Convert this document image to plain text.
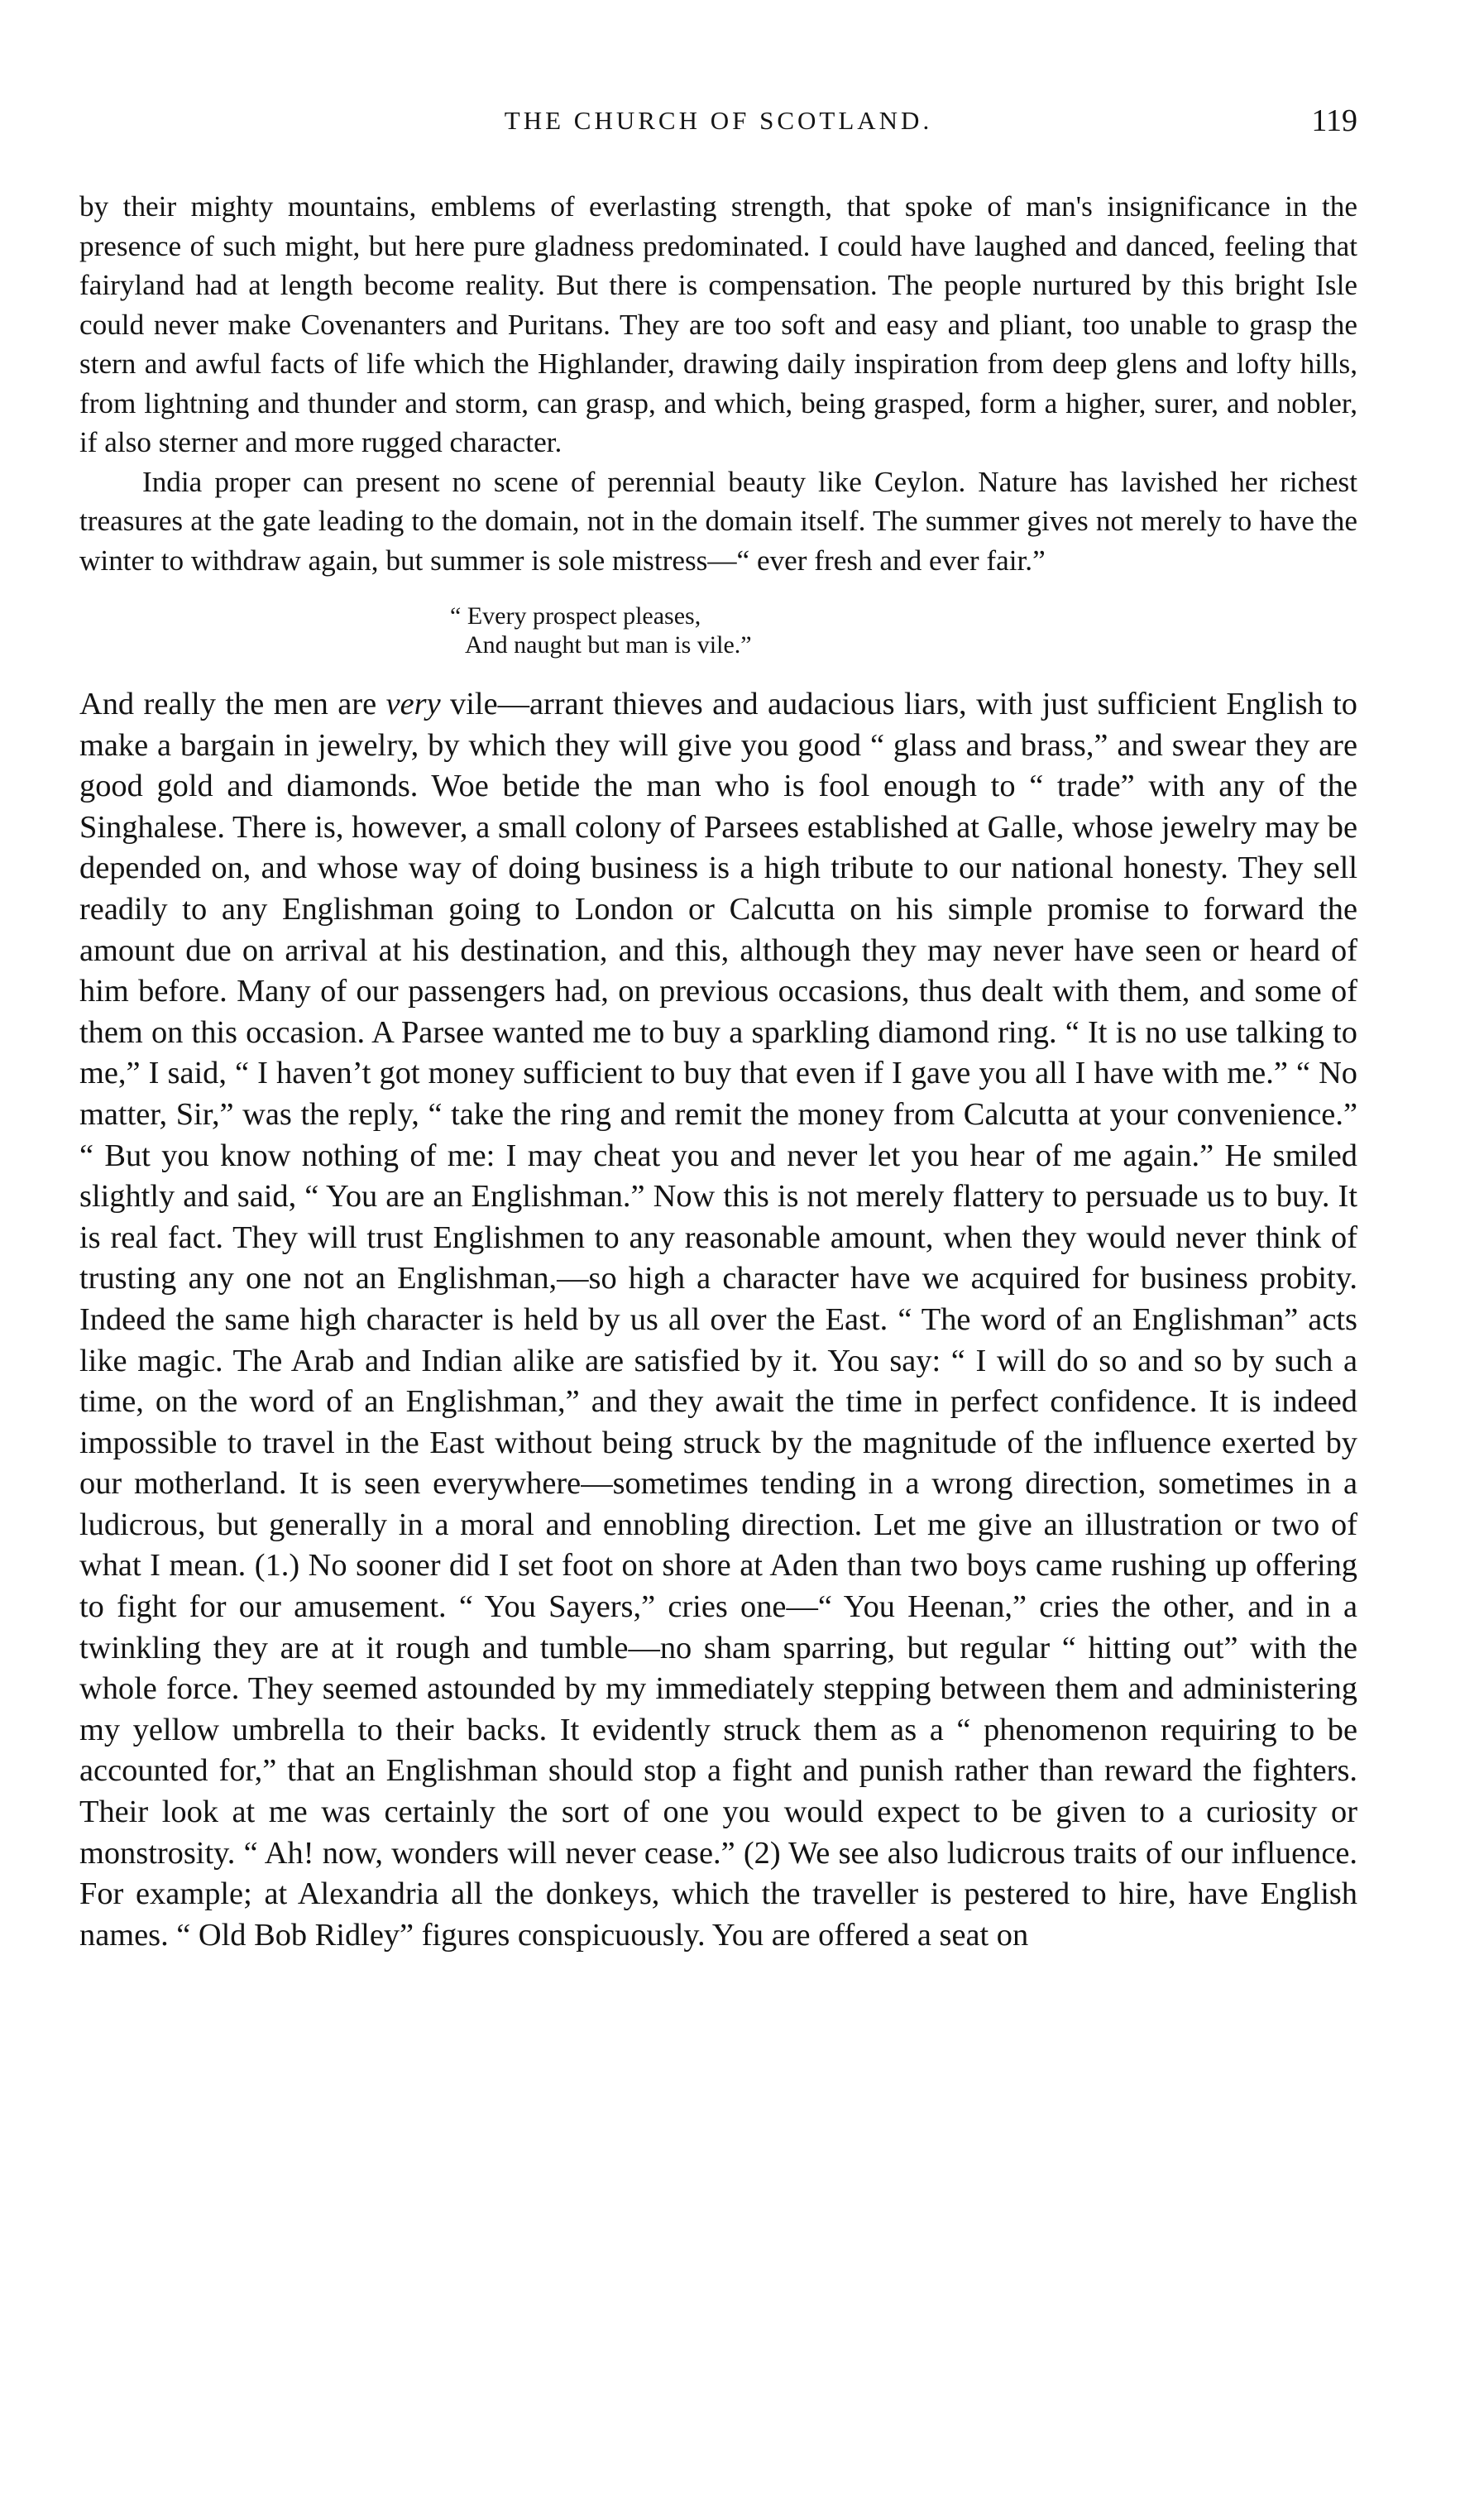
THE CHURCH OF SCOTLAND.	119

by their mighty mountains, emblems of everlasting strength, that spoke of man's insignificance in the presence of such might, but here pure gladness predominated. I could have laughed and danced, feeling that fairyland had at length become reality. But there is compensation. The people nurtured by this bright Isle could never make Covenanters and Puritans. They are too soft and easy and pliant, too unable to grasp the stern and awful facts of life which the Highlander, drawing daily inspiration from deep glens and lofty hills, from lightning and thunder and storm, can grasp, and which, being grasped, form a higher, surer, and nobler, if also sterner and more rugged character.

India proper can present no scene of perennial beauty like Ceylon. Nature has lavished her richest treasures at the gate leading to the domain, not in the domain itself. The summer gives not merely to have the winter to withdraw again, but summer is sole mistress—“ ever fresh and ever fair.”

“ Every prospect pleases,
And naught but man is vile.”

And really the men are very vile—arrant thieves and audacious liars, with just sufficient English to make a bargain in jewelry, by which they will give you good “ glass and brass,” and swear they are good gold and diamonds. Woe betide the man who is fool enough to “ trade” with any of the Singhalese. There is, however, a small colony of Parsees established at Galle, whose jewelry may be depended on, and whose way of doing business is a high tribute to our national honesty. They sell readily to any Englishman going to London or Calcutta on his simple promise to forward the amount due on arrival at his destination, and this, although they may never have seen or heard of him before. Many of our passengers had, on previous occasions, thus dealt with them, and some of them on this occasion. A Parsee wanted me to buy a sparkling diamond ring. “ It is no use talking to me,” I said, “ I haven’t got money sufficient to buy that even if I gave you all I have with me.” “ No matter, Sir,” was the reply, “ take the ring and remit the money from Calcutta at your convenience.” “ But you know nothing of me: I may cheat you and never let you hear of me again.” He smiled slightly and said, “ You are an Englishman.” Now this is not merely flattery to persuade us to buy. It is real fact. They will trust Englishmen to any reasonable amount, when they would never think of trusting any one not an Englishman,—so high a character have we acquired for business probity. Indeed the same high character is held by us all over the East. “ The word of an Englishman” acts like magic. The Arab and Indian alike are satisfied by it. You say: “ I will do so and so by such a time, on the word of an Englishman,” and they await the time in perfect confidence. It is indeed impossible to travel in the East without being struck by the magnitude of the influence exerted by our motherland. It is seen everywhere—sometimes tending in a wrong direction, sometimes in a ludicrous, but generally in a moral and ennobling direction. Let me give an illustration or two of what I mean. (1.) No sooner did I set foot on shore at Aden than two boys came rushing up offering to fight for our amusement. “ You Sayers,” cries one—“ You Heenan,” cries the other, and in a twinkling they are at it rough and tumble—no sham sparring, but regular “ hitting out” with the whole force. They seemed astounded by my immediately stepping between them and administering my yellow umbrella to their backs. It evidently struck them as a “ phenomenon requiring to be accounted for,” that an Englishman should stop a fight and punish rather than reward the fighters. Their look at me was certainly the sort of one you would expect to be given to a curiosity or monstrosity. “ Ah! now, wonders will never cease.” (2) We see also ludicrous traits of our influence. For example; at Alexandria all the donkeys, which the traveller is pestered to hire, have English names. “ Old Bob Ridley” figures conspicuously. You are offered a seat on
